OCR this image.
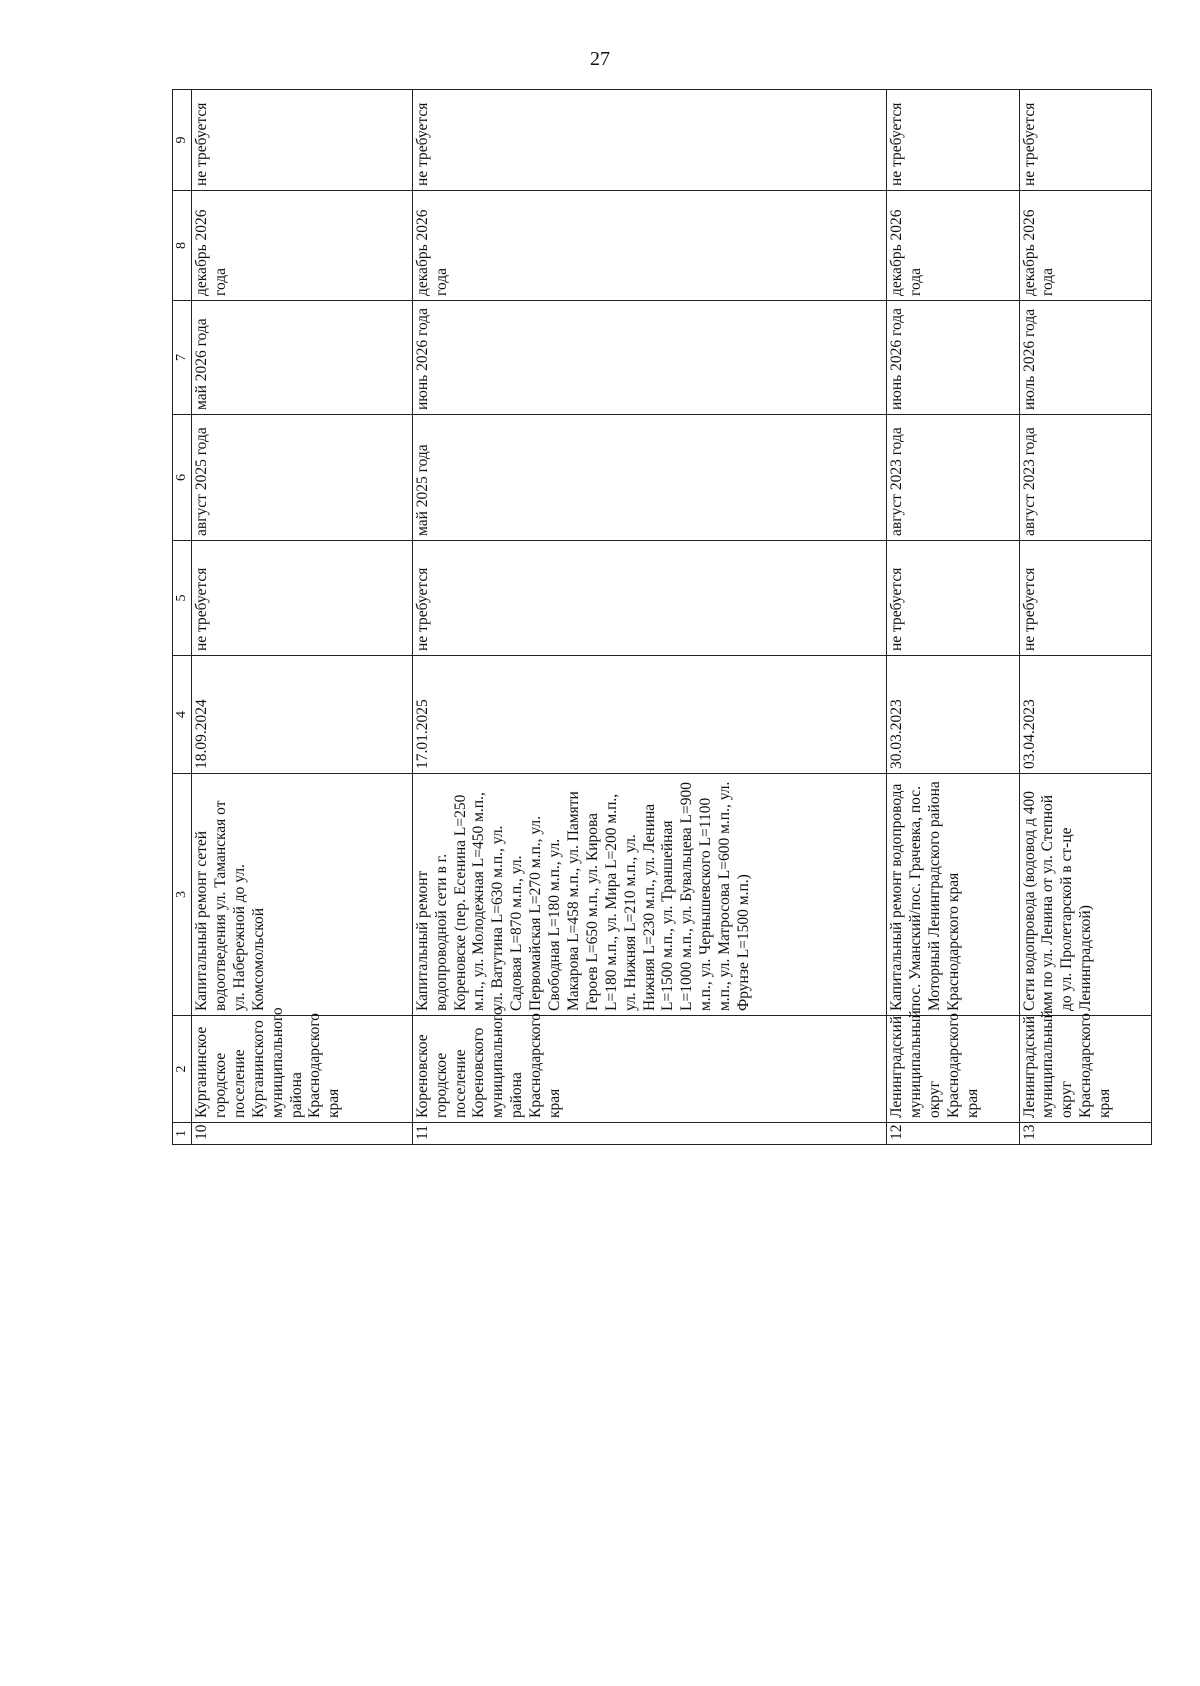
27
1	2	3	4	5	6	7	8	9
10	Курганинское городское поселение Курганинского муниципального района Краснодарского края	Капитальный ремонт сетей водоотведения ул. Таманская от ул. Набережной до ул. Комсомольской	18.09.2024	не требуется	август 2025 года	май 2026 года	декабрь 2026 года	не требуется
11	Кореновское городское поселение Кореновского муниципального района Краснодарского края	Капитальный ремонт водопроводной сети в г. Кореновске (пер. Есенина L=250 м.п., ул. Молодежная L=450 м.п., ул. Ватутина L=630 м.п., ул. Садовая L=870 м.п., ул. Первомайская L=270 м.п., ул. Свободная L=180 м.п., ул. Макарова L=458 м.п., ул. Памяти Героев L=650 м.п., ул. Кирова L=180 м.п., ул. Мира L=200 м.п., ул. Нижняя L=210 м.п., ул. Нижняя L=230 м.п., ул. Ленина L=1500 м.п., ул. Траншейная L=1000 м.п., ул. Бувальцева L=900 м.п., ул. Чернышевского L=1100 м.п., ул. Матросова L=600 м.п., ул. Фрунзе L=1500 м.п.)	17.01.2025	не требуется	май 2025 года	июнь 2026 года	декабрь 2026 года	не требуется
12	Ленинградский муниципальный округ Краснодарского края	Капитальный ремонт водопровода пос. Уманский/пос. Грачевка, пос. Моторный Ленинградского района Краснодарского края	30.03.2023	не требуется	август 2023 года	июнь 2026 года	декабрь 2026 года	не требуется
13	Ленинградский муниципальный округ Краснодарского края	Сети водопровода (водовод д 400 мм по ул. Ленина от ул. Степной до ул. Пролетарской в ст-це Ленинградской)	03.04.2023	не требуется	август 2023 года	июль 2026 года	декабрь 2026 года	не требуется
